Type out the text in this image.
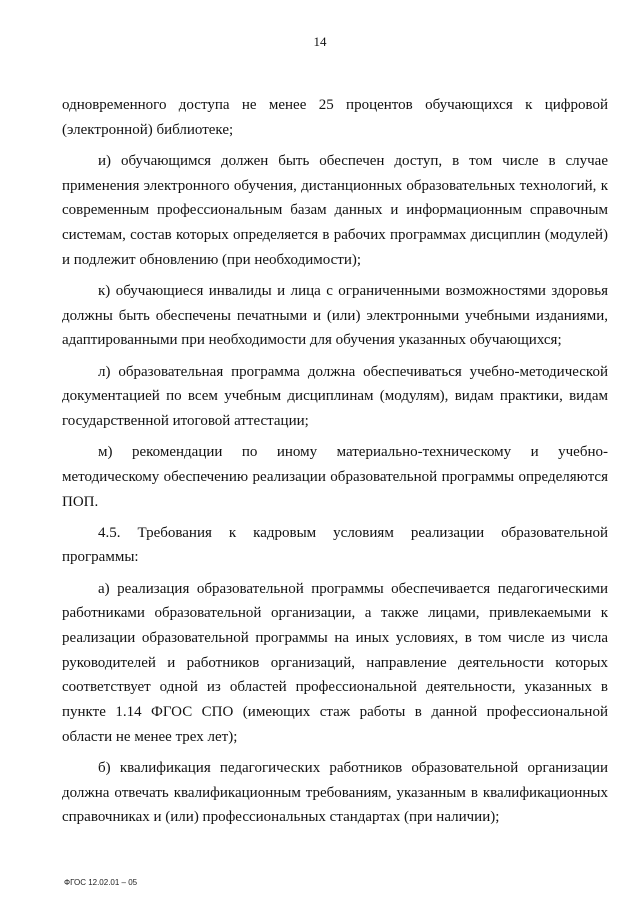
14

одновременного доступа не менее 25 процентов обучающихся к цифровой (электронной) библиотеке;

и) обучающимся должен быть обеспечен доступ, в том числе в случае применения электронного обучения, дистанционных образовательных технологий, к современным профессиональным базам данных и информационным справочным системам, состав которых определяется в рабочих программах дисциплин (модулей) и подлежит обновлению (при необходимости);

к) обучающиеся инвалиды и лица с ограниченными возможностями здоровья должны быть обеспечены печатными и (или) электронными учебными изданиями, адаптированными при необходимости для обучения указанных обучающихся;

л) образовательная программа должна обеспечиваться учебно-методической документацией по всем учебным дисциплинам (модулям), видам практики, видам государственной итоговой аттестации;

м) рекомендации по иному материально-техническому и учебно-методическому обеспечению реализации образовательной программы определяются ПОП.

4.5. Требования к кадровым условиям реализации образовательной программы:

а) реализация образовательной программы обеспечивается педагогическими работниками образовательной организации, а также лицами, привлекаемыми к реализации образовательной программы на иных условиях, в том числе из числа руководителей и работников организаций, направление деятельности которых соответствует одной из областей профессиональной деятельности, указанных в пункте 1.14 ФГОС СПО (имеющих стаж работы в данной профессиональной области не менее трех лет);

б) квалификация педагогических работников образовательной организации должна отвечать квалификационным требованиям, указанным в квалификационных справочниках и (или) профессиональных стандартах (при наличии);

ФГОС 12.02.01 – 05
